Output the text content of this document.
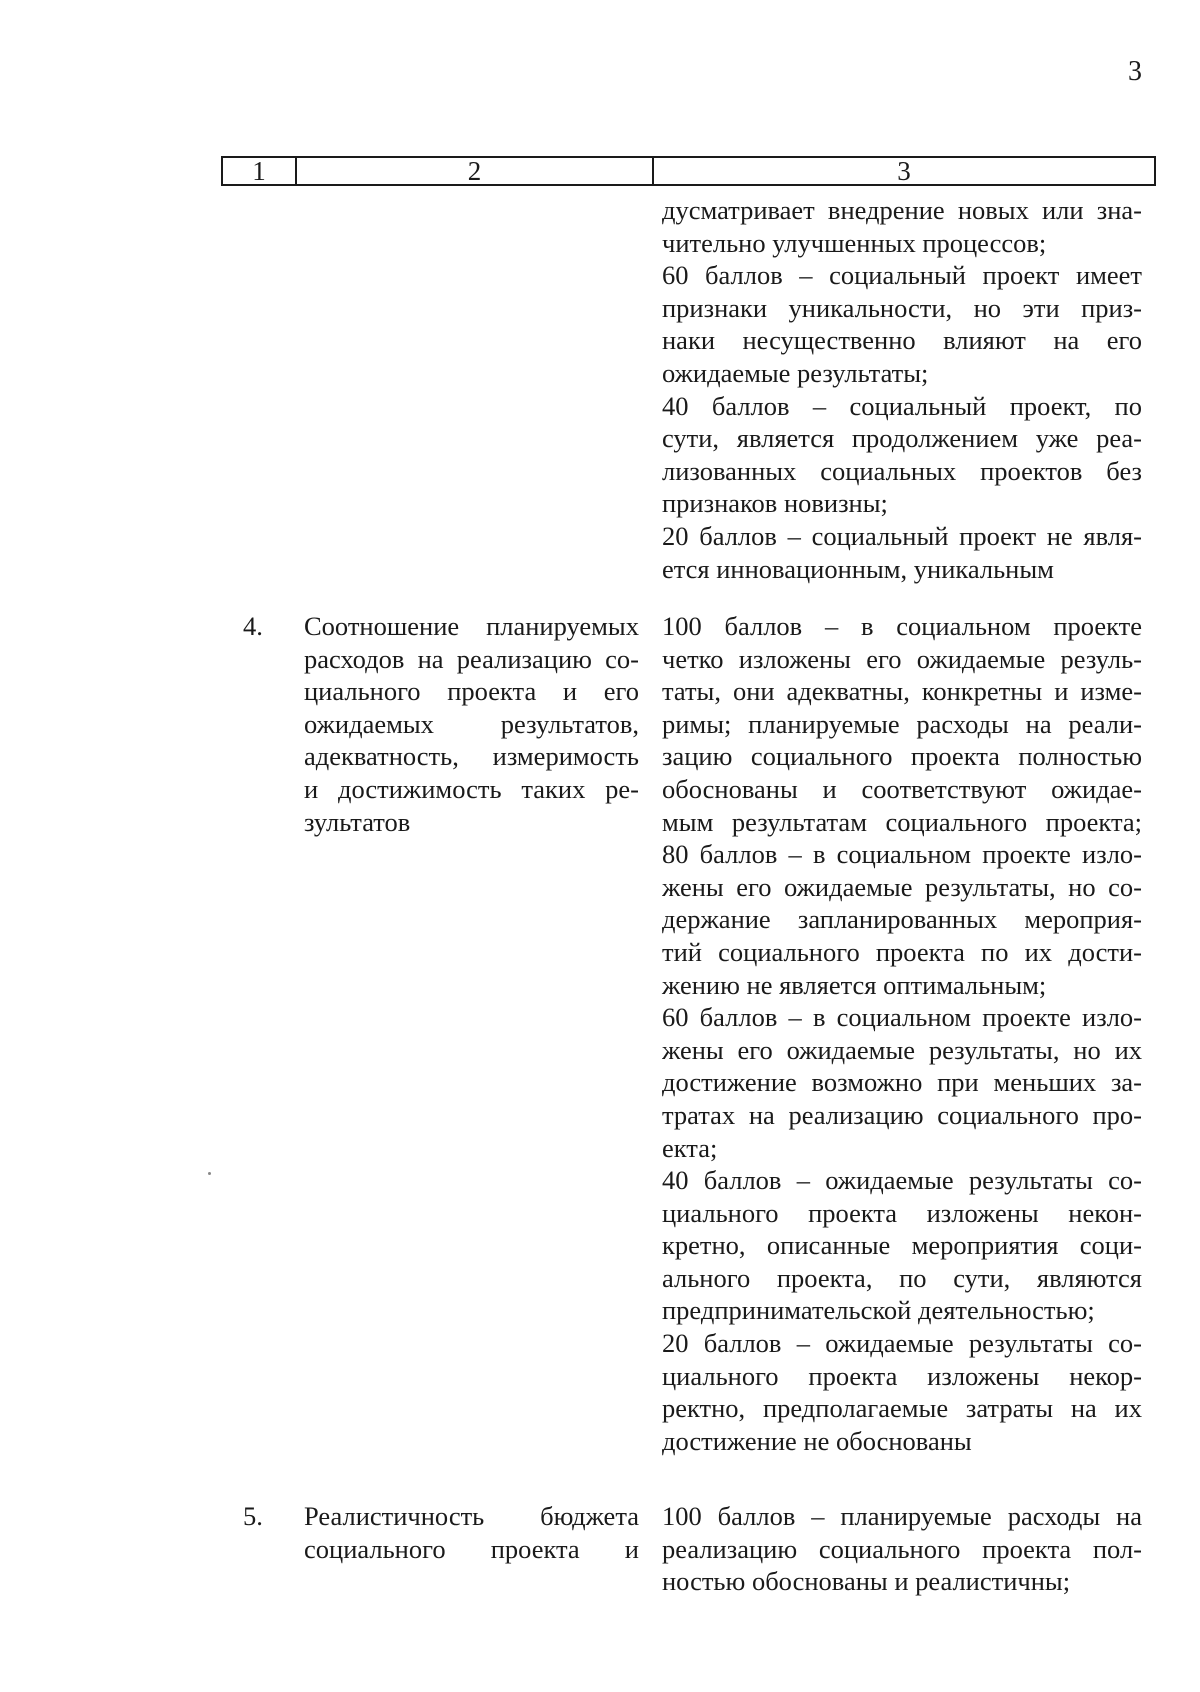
3
1	2	3
дусматривает внедрение новых или зна-
чительно улучшенных процессов;
60 баллов – социальный проект имеет
признаки уникальности, но эти приз-
наки несущественно влияют на его
ожидаемые результаты;
40 баллов – социальный проект, по
сути, является продолжением уже реа-
лизованных социальных проектов без
признаков новизны;
20 баллов – социальный проект не явля-
ется инновационным, уникальным
4. Соотношение планируемых
расходов на реализацию со-
циального проекта и его
ожидаемых результатов,
адекватность, измеримость
и достижимость таких ре-
зультатов
100 баллов – в социальном проекте
четко изложены его ожидаемые резуль-
таты, они адекватны, конкретны и изме-
римы; планируемые расходы на реали-
зацию социального проекта полностью
обоснованы и соответствуют ожидае-
мым результатам социального проекта;
80 баллов – в социальном проекте изло-
жены его ожидаемые результаты, но со-
держание запланированных мероприя-
тий социального проекта по их дости-
жению не является оптимальным;
60 баллов – в социальном проекте изло-
жены его ожидаемые результаты, но их
достижение возможно при меньших за-
тратах на реализацию социального про-
екта;
40 баллов – ожидаемые результаты со-
циального проекта изложены некон-
кретно, описанные мероприятия соци-
ального проекта, по сути, являются
предпринимательской деятельностью;
20 баллов – ожидаемые результаты со-
циального проекта изложены некор-
ректно, предполагаемые затраты на их
достижение не обоснованы
5. Реалистичность бюджета
социального проекта и
100 баллов – планируемые расходы на
реализацию социального проекта пол-
ностью обоснованы и реалистичны;
